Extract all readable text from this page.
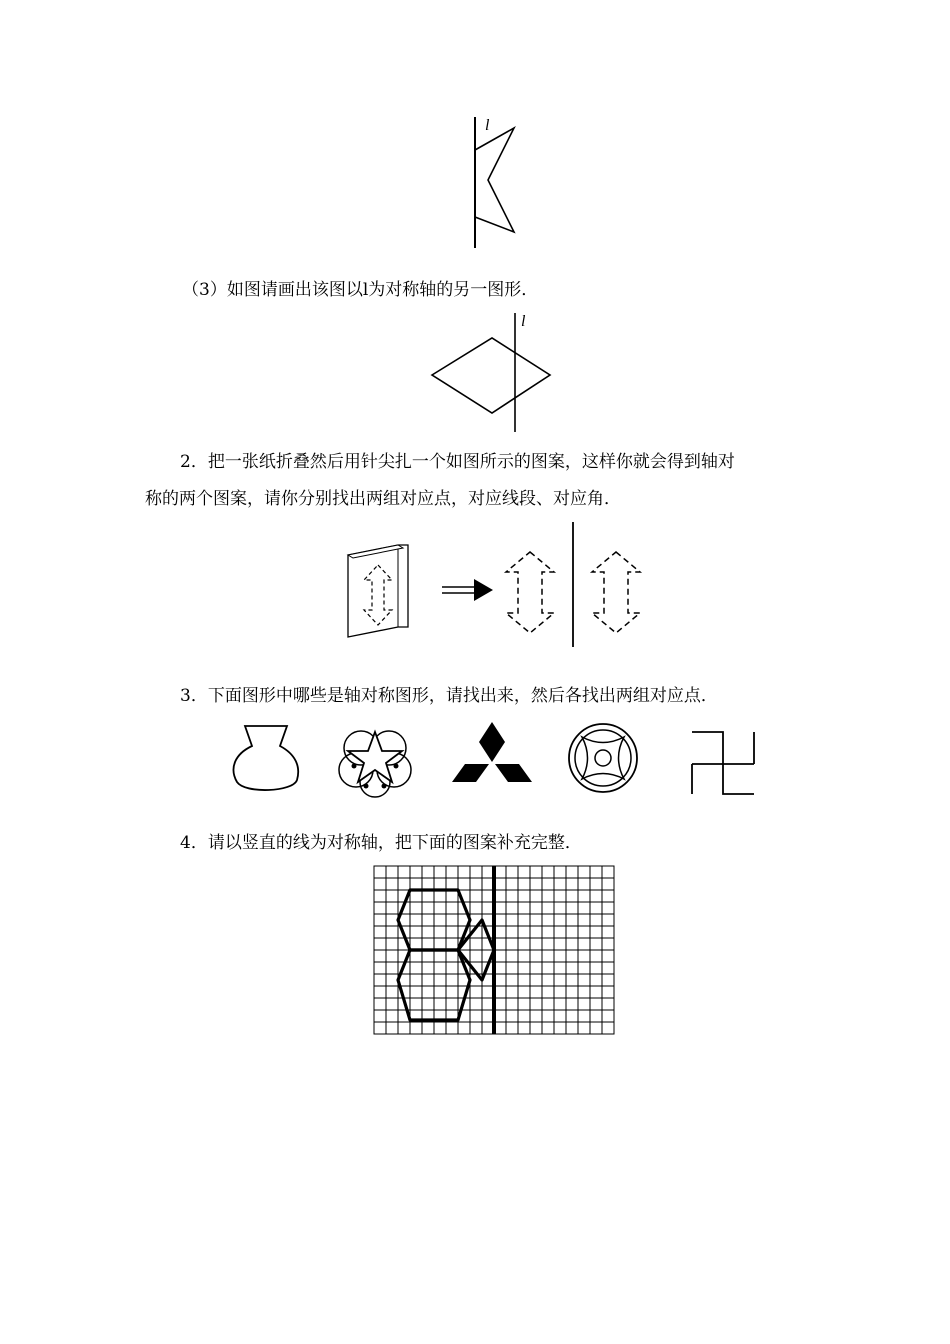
l
（3）如图请画出该图以l为对称轴的另一图形．
l
2．把一张纸折叠然后用针尖扎一个如图所示的图案，这样你就会得到轴对
称的两个图案，请你分别找出两组对应点，对应线段、对应角．
3．下面图形中哪些是轴对称图形，请找出来，然后各找出两组对应点．
4．请以竖直的线为对称轴，把下面的图案补充完整．
